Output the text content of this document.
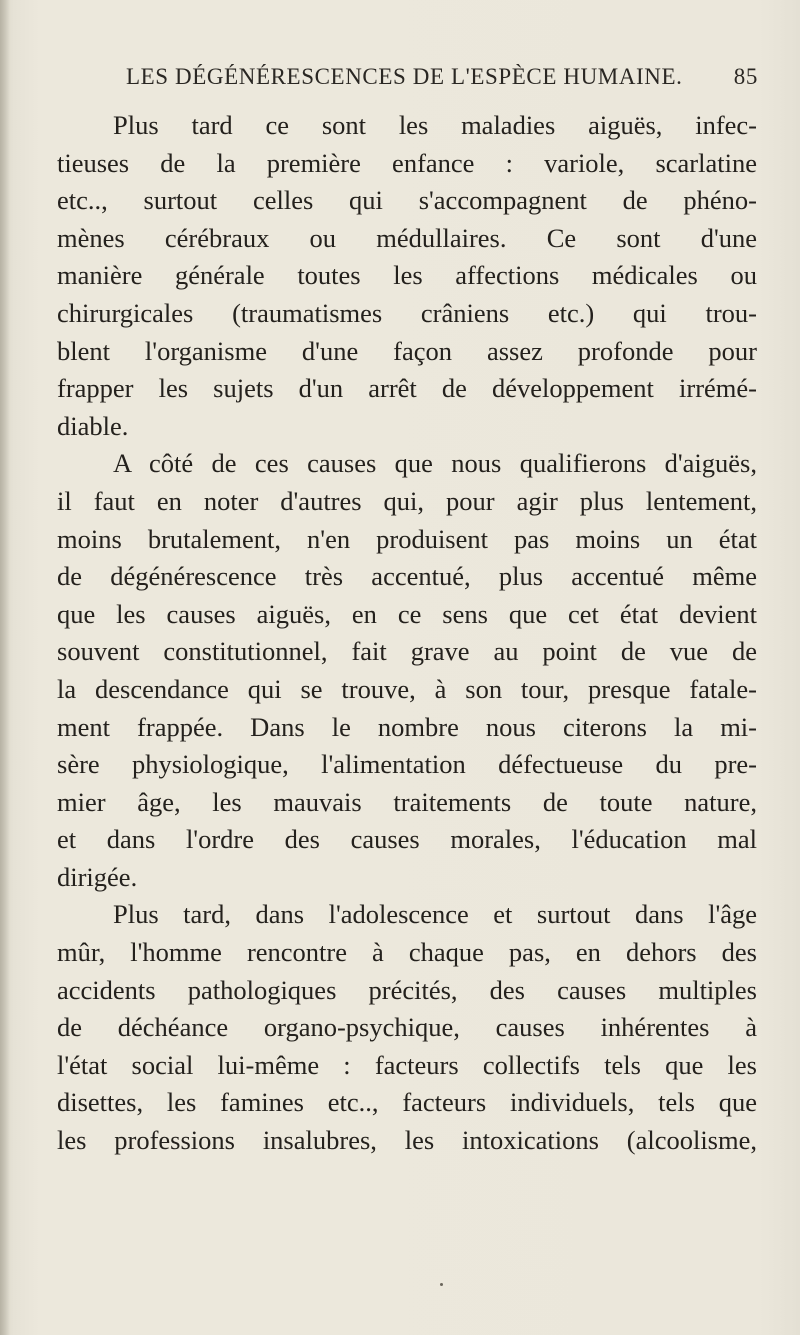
LES DÉGÉNÉRESCENCES DE L'ESPÈCE HUMAINE. 85
Plus tard ce sont les maladies aiguës, infec-
tieuses de la première enfance : variole, scarlatine
etc.., surtout celles qui s'accompagnent de phéno-
mènes cérébraux ou médullaires. Ce sont d'une
manière générale toutes les affections médicales ou
chirurgicales (traumatismes crâniens etc.) qui trou-
blent l'organisme d'une façon assez profonde pour
frapper les sujets d'un arrêt de développement irrémé-
diable.
A côté de ces causes que nous qualifierons d'aiguës,
il faut en noter d'autres qui, pour agir plus lentement,
moins brutalement, n'en produisent pas moins un état
de dégénérescence très accentué, plus accentué même
que les causes aiguës, en ce sens que cet état devient
souvent constitutionnel, fait grave au point de vue de
la descendance qui se trouve, à son tour, presque fatale-
ment frappée. Dans le nombre nous citerons la mi-
sère physiologique, l'alimentation défectueuse du pre-
mier âge, les mauvais traitements de toute nature,
et dans l'ordre des causes morales, l'éducation mal
dirigée.
Plus tard, dans l'adolescence et surtout dans l'âge
mûr, l'homme rencontre à chaque pas, en dehors des
accidents pathologiques précités, des causes multiples
de déchéance organo-psychique, causes inhérentes à
l'état social lui-même : facteurs collectifs tels que les
disettes, les famines etc.., facteurs individuels, tels que
les professions insalubres, les intoxications (alcoolisme,
